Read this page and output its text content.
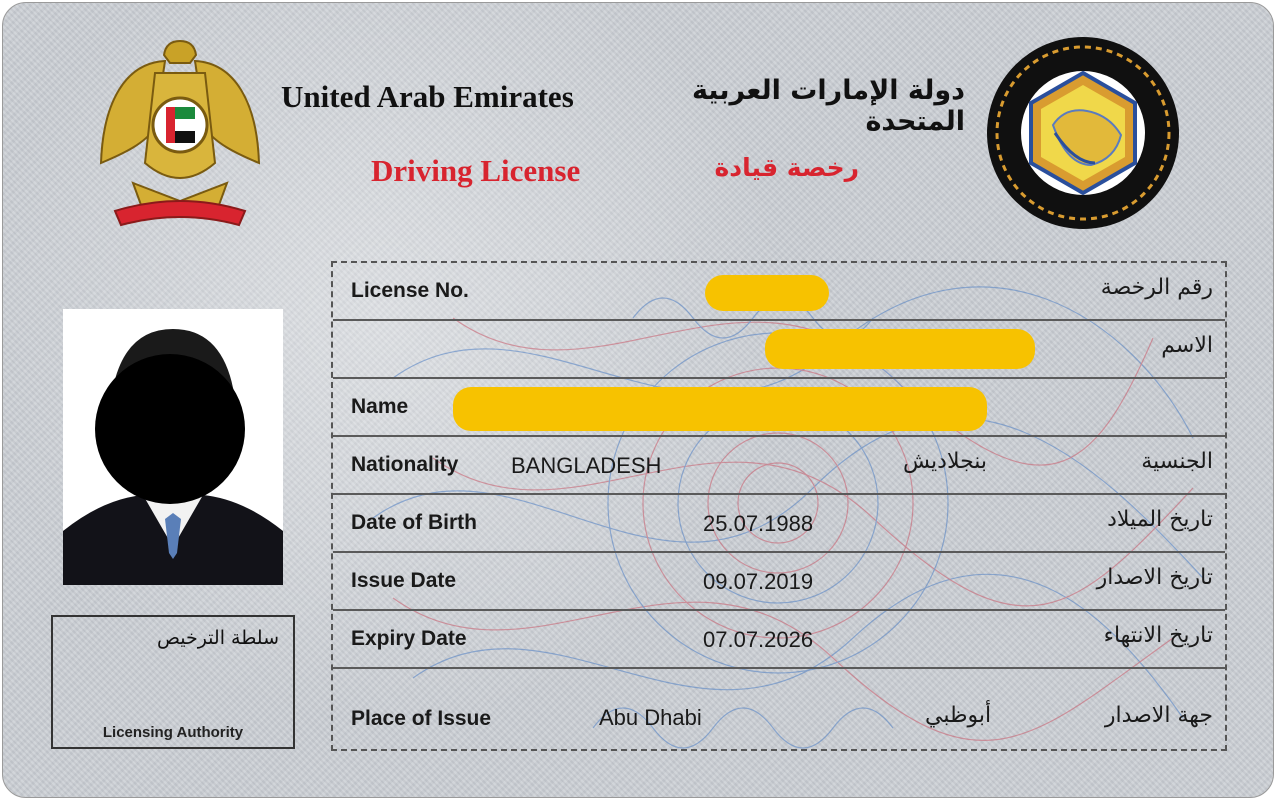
United Arab Emirates	دولة الإمارات العربية المتحدة
Driving License	رخصة قيادة
سلطة الترخيص
Licensing Authority
License No.	رقم الرخصة
الاسم
Name
Nationality BANGLADESH	بنجلاديش	الجنسية
Date of Birth	25.07.1988	تاريخ الميلاد
Issue Date	09.07.2019	تاريخ الاصدار
Expiry Date	07.07.2026	تاريخ الانتهاء
Place of Issue	Abu Dhabi	أبوظبي	جهة الاصدار
